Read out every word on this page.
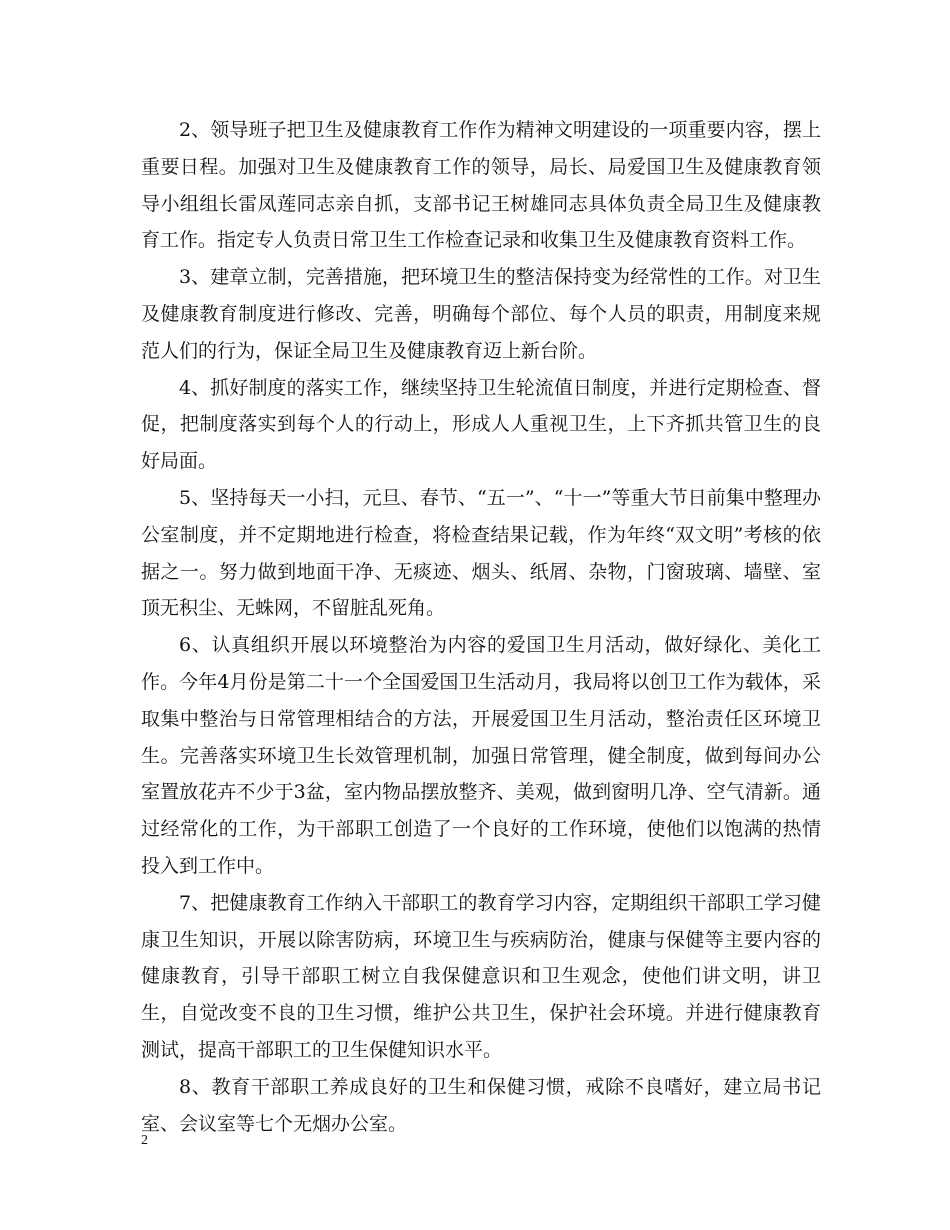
2、领导班子把卫生及健康教育工作作为精神文明建设的一项重要内容，摆上重要日程。加强对卫生及健康教育工作的领导，局长、局爱国卫生及健康教育领导小组组长雷凤莲同志亲自抓，支部书记王树雄同志具体负责全局卫生及健康教育工作。指定专人负责日常卫生工作检查记录和收集卫生及健康教育资料工作。

3、建章立制，完善措施，把环境卫生的整洁保持变为经常性的工作。对卫生及健康教育制度进行修改、完善，明确每个部位、每个人员的职责，用制度来规范人们的行为，保证全局卫生及健康教育迈上新台阶。

4、抓好制度的落实工作，继续坚持卫生轮流值日制度，并进行定期检查、督促，把制度落实到每个人的行动上，形成人人重视卫生，上下齐抓共管卫生的良好局面。

5、坚持每天一小扫，元旦、春节、“五一”、“十一”等重大节日前集中整理办公室制度，并不定期地进行检查，将检查结果记载，作为年终“双文明”考核的依据之一。努力做到地面干净、无痰迹、烟头、纸屑、杂物，门窗玻璃、墙壁、室顶无积尘、无蛛网，不留脏乱死角。

6、认真组织开展以环境整治为内容的爱国卫生月活动，做好绿化、美化工作。今年4月份是第二十一个全国爱国卫生活动月，我局将以创卫工作为载体，采取集中整治与日常管理相结合的方法，开展爱国卫生月活动，整治责任区环境卫生。完善落实环境卫生长效管理机制，加强日常管理，健全制度，做到每间办公室置放花卉不少于3盆，室内物品摆放整齐、美观，做到窗明几净、空气清新。通过经常化的工作，为干部职工创造了一个良好的工作环境，使他们以饱满的热情投入到工作中。

7、把健康教育工作纳入干部职工的教育学习内容，定期组织干部职工学习健康卫生知识，开展以除害防病，环境卫生与疾病防治，健康与保健等主要内容的健康教育，引导干部职工树立自我保健意识和卫生观念，使他们讲文明，讲卫生，自觉改变不良的卫生习惯，维护公共卫生，保护社会环境。并进行健康教育测试，提高干部职工的卫生保健知识水平。

8、教育干部职工养成良好的卫生和保健习惯，戒除不良嗜好，建立局书记室、会议室等七个无烟办公室。

2
